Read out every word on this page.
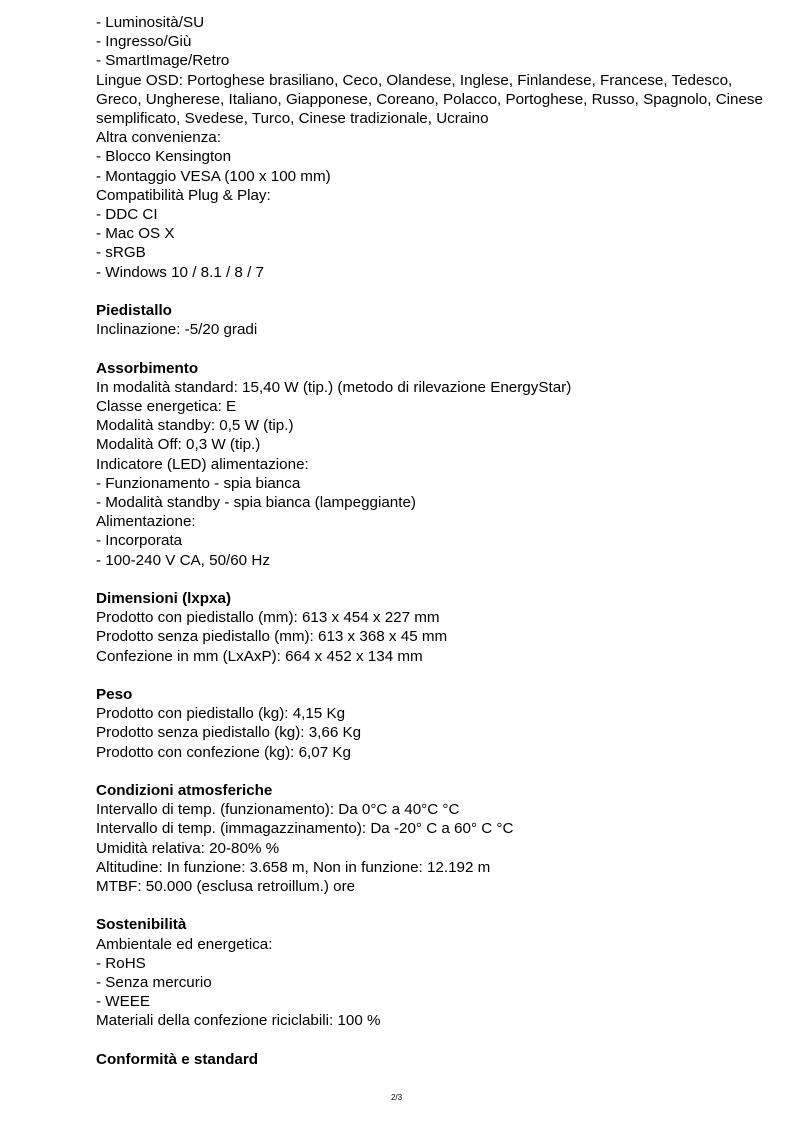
- Luminosità/SU
- Ingresso/Giù
- SmartImage/Retro
Lingue OSD: Portoghese brasiliano, Ceco, Olandese, Inglese, Finlandese, Francese, Tedesco, Greco, Ungherese, Italiano, Giapponese, Coreano, Polacco, Portoghese, Russo, Spagnolo, Cinese semplificato, Svedese, Turco, Cinese tradizionale, Ucraino
Altra convenienza:
- Blocco Kensington
- Montaggio VESA (100 x 100 mm)
Compatibilità Plug & Play:
- DDC CI
- Mac OS X
- sRGB
- Windows 10 / 8.1 / 8 / 7
Piedistallo
Inclinazione: -5/20 gradi
Assorbimento
In modalità standard: 15,40 W (tip.) (metodo di rilevazione EnergyStar)
Classe energetica: E
Modalità standby: 0,5 W (tip.)
Modalità Off: 0,3 W (tip.)
Indicatore (LED) alimentazione:
- Funzionamento - spia bianca
- Modalità standby - spia bianca (lampeggiante)
Alimentazione:
- Incorporata
- 100-240 V CA, 50/60 Hz
Dimensioni (lxpxa)
Prodotto con piedistallo (mm): 613 x 454 x 227 mm
Prodotto senza piedistallo (mm): 613 x 368 x 45 mm
Confezione in mm (LxAxP): 664 x 452 x 134 mm
Peso
Prodotto con piedistallo (kg): 4,15 Kg
Prodotto senza piedistallo (kg): 3,66 Kg
Prodotto con confezione (kg): 6,07 Kg
Condizioni atmosferiche
Intervallo di temp. (funzionamento): Da 0°C a 40°C °C
Intervallo di temp. (immagazzinamento): Da -20° C a 60° C °C
Umidità relativa: 20-80% %
Altitudine: In funzione: 3.658 m, Non in funzione: 12.192 m
MTBF: 50.000 (esclusa retroillum.) ore
Sostenibilità
Ambientale ed energetica:
- RoHS
- Senza mercurio
- WEEE
Materiali della confezione riciclabili: 100 %
Conformità e standard
2/3
